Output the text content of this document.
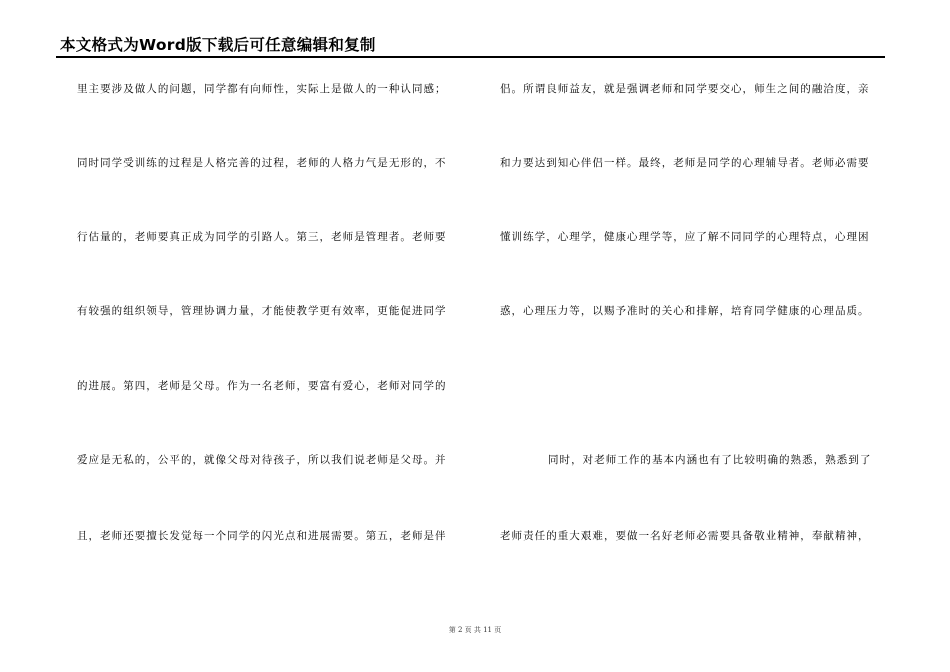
本文格式为Word版下载后可任意编辑和复制
里主要涉及做人的问题，同学都有向师性，实际上是做人的一种认同感；
同时同学受训练的过程是人格完善的过程，老师的人格力气是无形的，不
行估量的，老师要真正成为同学的引路人。第三，老师是管理者。老师要
有较强的组织领导，管理协调力量，才能使教学更有效率，更能促进同学
的进展。第四，老师是父母。作为一名老师，要富有爱心，老师对同学的
爱应是无私的，公平的，就像父母对待孩子，所以我们说老师是父母。并
且，老师还要擅长发觉每一个同学的闪光点和进展需要。第五，老师是伴
侣。所谓良师益友，就是强调老师和同学要交心，师生之间的融洽度，亲
和力要达到知心伴侣一样。最终，老师是同学的心理辅导者。老师必需要
懂训练学，心理学，健康心理学等，应了解不同同学的心理特点，心理困
惑，心理压力等，以赐予准时的关心和排解，培育同学健康的心理品质。
同时，对老师工作的基本内涵也有了比较明确的熟悉，熟悉到了
老师责任的重大艰难，要做一名好老师必需要具备敬业精神，奉献精神，
第 2 页 共 11 页
